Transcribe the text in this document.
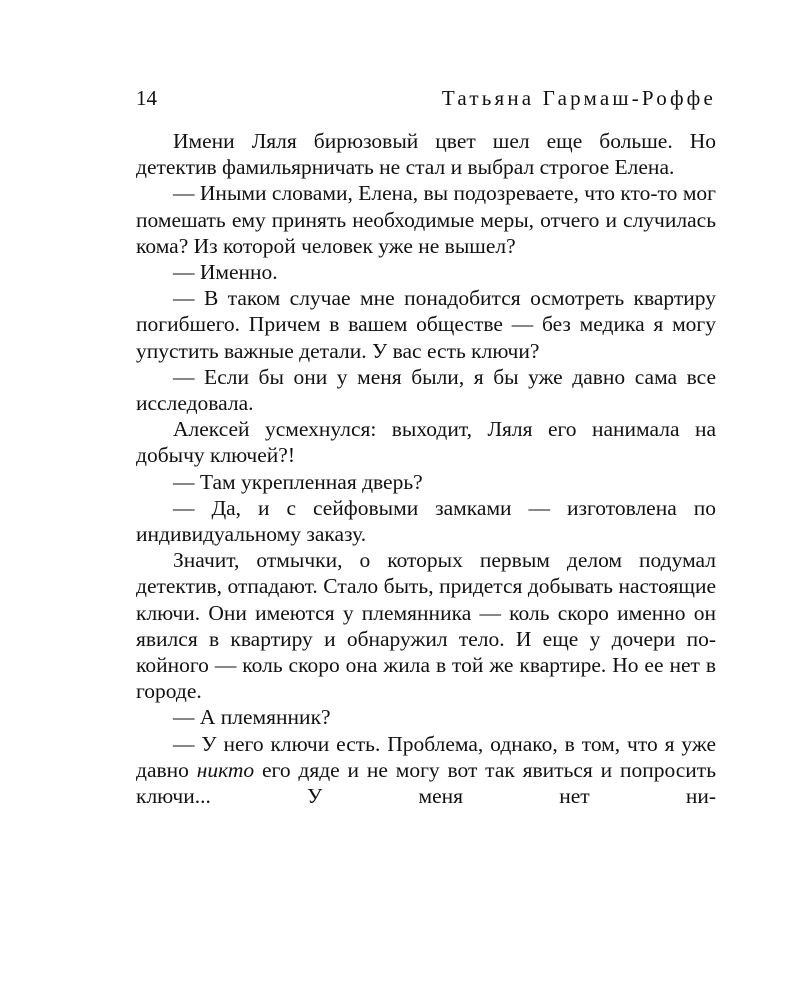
14	Татьяна Гармаш-Роффе

Имени Ляля бирюзовый цвет шел еще больше. Но детектив фамильярничать не стал и выбрал строгое Елена.

— Иными словами, Елена, вы подозреваете, что кто-то мог помешать ему принять необходимые меры, отчего и случилась кома? Из которой человек уже не вышел?

— Именно.

— В таком случае мне понадобится осмотреть квартиру погибшего. Причем в вашем обществе — без медика я могу упустить важные детали. У вас есть ключи?

— Если бы они у меня были, я бы уже давно сама все исследовала.

Алексей усмехнулся: выходит, Ляля его нанимала на добычу ключей?!

— Там укрепленная дверь?

— Да, и с сейфовыми замками — изготовлена по индивидуальному заказу.

Значит, отмычки, о которых первым делом подумал детектив, отпадают. Стало быть, придется добывать настоящие ключи. Они имеются у племянника — коль скоро именно он явился в квартиру и обнаружил тело. И еще у дочери покойного — коль скоро она жила в той же квартире. Но ее нет в городе.

— А племянник?

— У него ключи есть. Проблема, однако, в том, что я уже давно никто его дяде и не могу вот так явиться и попросить ключи... У меня нет ни-
